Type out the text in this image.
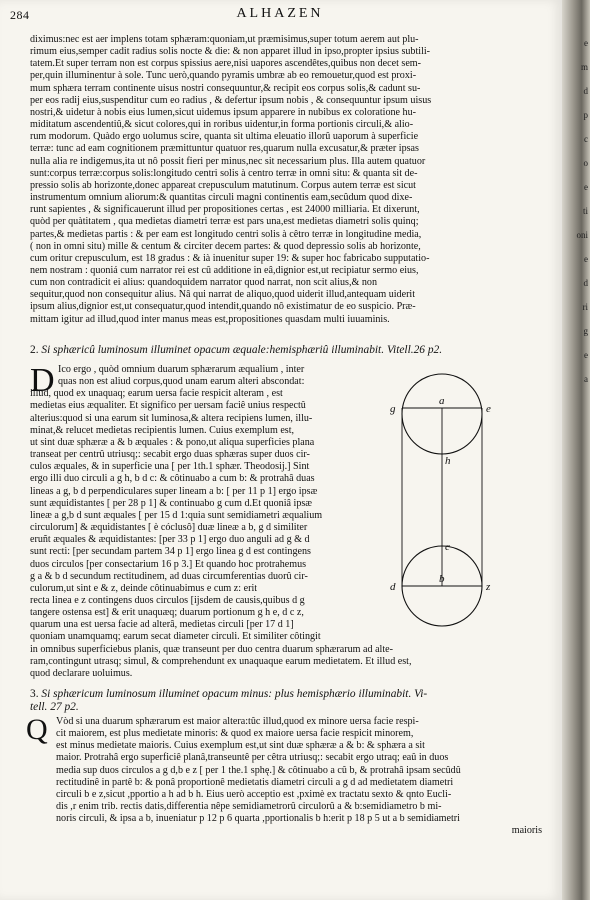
284	ALHAZEN
diximus:nec est aer implens totam sphæram:quoniam,ut præmisimus,super totum aerem aut plu-
rimum eius,semper cadit radius solis nocte & die: & non apparet illud in ipso,propter ipsius subtili-
tatem.Et super terram non est corpus spissius aere,nisi uapores ascendêtes,quibus non decet sem-
per,quin illuminentur à sole. Tunc uerò,quando pyramis umbræ ab eo remouetur,quod est proxi-
mum sphæra terram continente uisus nostri consequuntur,& recipit eos corpus solis,& cadunt su-
per eos radij eius,suspenditur cum eo radius , & defertur ipsum nobis , & consequuntur ipsum uisus
nostri,& uidetur à nobis eius lumen,sicut uidemus ipsum apparere in nubibus ex coloratione hu-
miditatum ascendentiû,& sicut colores,qui in roribus uidentur,in forma portionis circuli,& alio-
rum modorum. Quàdo ergo uolumus scire, quanta sit ultima eleuatio illorû uaporum à superficie
terræ: tunc ad eam cognitionem præmittuntur quatuor res,quarum nulla excusatur,& præter ipsas
nulla alia re indigemus,ita ut nô possit fieri per minus,nec sit necessarium plus. Illa autem quatuor
sunt:corpus terræ:corpus solis:longitudo centri solis à centro terræ in omni situ: & quanta sit de-
pressio solis ab horizonte,donec appareat crepusculum matutinum. Corpus autem terræ est sicut
instrumentum omnium aliorum:& quantitas circuli magni continentis eam,secûdum quod dixe-
runt sapientes , & significauerunt illud per propositiones certas , est 24000 milliaria. Et dixerunt,
quòd per quàtitatem , qua medietas diametri terræ est pars una,est medietas diametri solis quinq;
partes,& medietas partis : & per eam est longitudo centri solis à cêtro terræ in longitudine media,
( non in omni situ) mille & centum & circiter decem partes: & quod depressio solis ab horizonte,
cum oritur crepusculum, est 18 gradus : & ià inuenitur super 19: & super hoc fabricabo supputatio-
nem nostram : quoniá cum narrator rei est cû additione in eâ,dignior est,ut recipiatur sermo eius,
cum non contradicit ei alius: quandoquidem narrator quod narrat, non scit alius,& non
sequitur,quod non consequitur alius. Nâ qui narrat de aliquo,quod uiderit illud,antequam uiderit
ipsum alius,dignior est,ut consequatur,quod intendit,quando nô existimatur de eo suspicio. Præ-
mittam igitur ad illud,quod inter manus meas est,propositiones quasdam multi iuuaminis.
2. Si sphæricû luminosum illuminet opacum æquale:hemisphæriû illuminabit. Vitell.26 p2.
D Ico ergo , quòd omnium duarum sphærarum æqualium , inter
quas non est aliud corpus,quod unam earum alteri abscondat:
illud, quod ex unaquaq; earum uersa facie respicit alteram , est
medietas eius æqualiter. Et significo per uersam faciê unius respectû
alterius:quod si una earum sit luminosa,& altera recipiens lumen, illu-
minat,& relucet medietas recipientis lumen. Cuius exemplum est,
ut sint duæ sphæræ a & b æquales : & pono,ut aliqua superficies plana
transeat per centrû utriusq;: secabit ergo duas sphæras super duos cir-
culos æquales, & in superficie una [ per 1th.1 sphær. Theodosij.] Sint
ergo illi duo circuli a g h, b d c: & côtinuabo a cum b: & protrahâ duas
lineas a g, b d perpendiculares super lineam a b: [ per 11 p 1] ergo ipsæ
sunt æquidistantes [ per 28 p 1] & continuabo g cum d.Et quoniâ ipsæ
lineæ a g,b d sunt æquales [ per 15 d 1:quia sunt semidiametri æqualium
circulorum] & æquidistantes [ è cóclusô] duæ lineæ a b, g d similiter
eruñt æquales & æquidistantes: [per 33 p 1] ergo duo anguli ad g & d
sunt recti: [per secundam partem 34 p 1] ergo linea g d est contingens
duos circulos [per consectarium 16 p 3.] Et quando hoc protrahemus
g a & b d secundum rectitudinem, ad duas circumferentias duorû cir-
culorum,ut sint e & z, deinde côtinuabimus e cum z: erit
recta linea e z contingens duos circulos [ijsdem de causis,quibus d g
tangere ostensa est] & erit unaquæq; duarum portionum g h e, d c z,
quarum una est uersa facie ad alterâ, medietas circuli [per 17 d 1]
quoniam unamquamq; earum secat diameter circuli. Et similiter côtingit
in omnibus superficiebus planis, quæ transeunt per duo centra duarum sphærarum ad alte-
ram,contingunt utrasq; simul, & comprehendunt ex unaquaque earum medietatem. Et illud est,
quod declarare uoluimus.
g
a
e
h
c
d
b
z
3. Si sphæricum luminosum illuminet opacum minus: plus hemisphærio illuminabit. Vi-
tell. 27 p2.
Q Vòd si una duarum sphærarum est maior altera:tûc illud,quod ex minore uersa facie respi-
cit maiorem, est plus medietate minoris: & quod ex maiore uersa facie respicit minorem,
est minus medietate maioris. Cuius exemplum est,ut sint duæ sphæræ a & b: & sphæra a sit
maior. Protrahâ ergo superficiê planâ,transeuntê per cêtra utriusq;: secabit ergo utraq; eaû in duos
media sup duos circulos a g d,b e z [ per 1 the.1 sphę.] & côtinuabo a cû b, & protrahâ ipsam secûdû
rectitudinê in partê b: & ponâ proportionê medietatis diametri circuli a g d ad medietatem diametri
circuli b e z,sicut ,pportio a h ad b h. Eius uerò acceptio est ,pximè ex tractatu sexto & qnto Eucli-
dis ,r enim trib. rectis datis,differentia nêpe semidiametrorû circulorû a & b:semidiametro b mi-
noris circuli, & ipsa a b, inueniatur p 12 p 6 quarta ,pportionalis b h:erit p 18 p 5 ut a b semidiametri
maioris
e
m
d
p
c
o
e
ti
oni
e
d
ri
g
e
a
